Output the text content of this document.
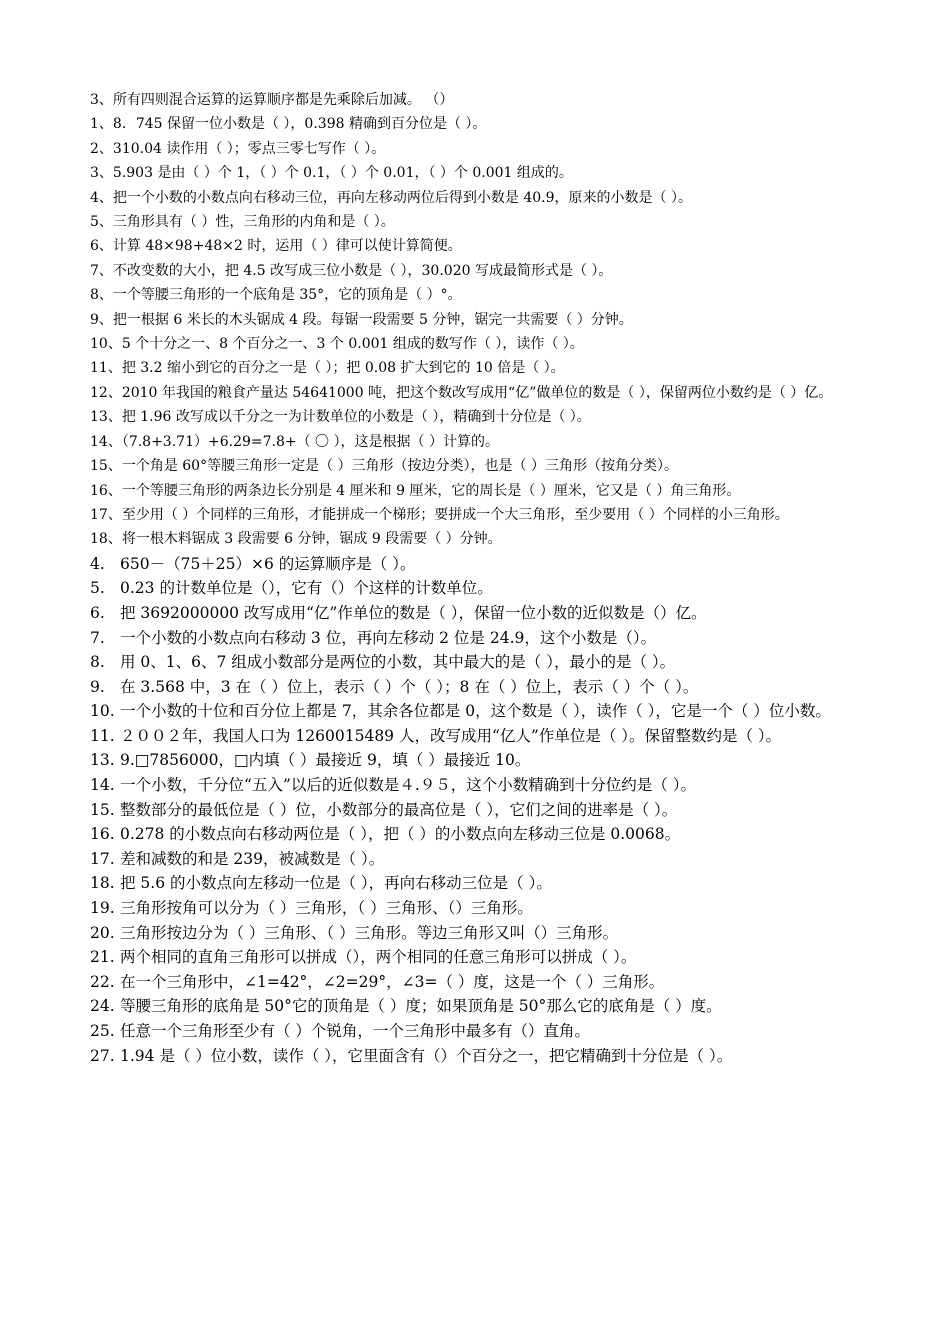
3、所有四则混合运算的运算顺序都是先乘除后加减。 （）
1、8．745 保留一位小数是（ ），0.398 精确到百分位是（ ）。
2、310.04 读作用（ ）；零点三零七写作（ ）。
3、5.903 是由（ ）个 1，（ ）个 0.1，（ ）个 0.01，（ ）个 0.001 组成的。
4、把一个小数的小数点向右移动三位，再向左移动两位后得到小数是 40.9，原来的小数是（ ）。
5、三角形具有（ ）性，三角形的内角和是（ ）。
6、计算 48×98+48×2 时，运用（ ）律可以使计算简便。
7、不改变数的大小，把 4.5 改写成三位小数是（ ），30.020 写成最简形式是（ ）。
8、一个等腰三角形的一个底角是 35°，它的顶角是（ ）°。
9、把一根据 6 米长的木头锯成 4 段。每锯一段需要 5 分钟，锯完一共需要（ ）分钟。
10、5 个十分之一、8 个百分之一、3 个 0.001 组成的数写作（ ），读作（ ）。
11、把 3.2 缩小到它的百分之一是（ ）；把 0.08 扩大到它的 10 倍是（ ）。
12、2010 年我国的粮食产量达 54641000 吨，把这个数改写成用“亿”做单位的数是（ ），保留两位小数约是（ ）亿。
13、把 1.96 改写成以千分之一为计数单位的小数是（ ），精确到十分位是（ ）。
14、（7.8+3.71）+6.29=7.8+（ 〇 ），这是根据（ ）计算的。
15、一个角是 60°等腰三角形一定是（ ）三角形（按边分类），也是（ ）三角形（按角分类）。
16、一个等腰三角形的两条边长分别是 4 厘米和 9 厘米，它的周长是（ ）厘米，它又是（ ）角三角形。
17、至少用（ ）个同样的三角形，才能拼成一个梯形；要拼成一个大三角形，至少要用（ ）个同样的小三角形。
18、将一根木料锯成 3 段需要 6 分钟，锯成 9 段需要（ ）分钟。
4. 650－（75＋25）×6 的运算顺序是（ ）。
5. 0.23 的计数单位是（），它有（）个这样的计数单位。
6. 把 3692000000 改写成用“亿”作单位的数是（ ），保留一位小数的近似数是（）亿。
7. 一个小数的小数点向右移动 3 位，再向左移动 2 位是 24.9，这个小数是（）。
8. 用 0、1、6、7 组成小数部分是两位的小数，其中最大的是（ ），最小的是（ ）。
9. 在 3.568 中，3 在（ ）位上，表示（ ）个（ ）；8 在（ ）位上，表示（ ）个（ ）。
10. 一个小数的十位和百分位上都是 7，其余各位都是 0，这个数是（ ），读作（ ），它是一个（ ）位小数。
11. ２００２年，我国人口为 1260015489 人，改写成用“亿人”作单位是（ ）。保留整数约是（ ）。
13. 9.□7856000，□内填（ ）最接近 9，填（ ）最接近 10。
14. 一个小数，千分位“五入”以后的近似数是４.９５，这个小数精确到十分位约是（ ）。
15. 整数部分的最低位是（ ）位，小数部分的最高位是（ ），它们之间的进率是（ ）。
16. 0.278 的小数点向右移动两位是（ ），把（ ）的小数点向左移动三位是 0.0068。
17. 差和减数的和是 239，被减数是（ ）。
18. 把 5.6 的小数点向左移动一位是（ ），再向右移动三位是（ ）。
19. 三角形按角可以分为（ ）三角形，（ ）三角形、（）三角形。
20. 三角形按边分为（ ）三角形、（ ）三角形。等边三角形又叫（）三角形。
21. 两个相同的直角三角形可以拼成（），两个相同的任意三角形可以拼成（ ）。
22. 在一个三角形中，∠1=42°，∠2=29°，∠3=（ ）度，这是一个（ ）三角形。
24. 等腰三角形的底角是 50°它的顶角是（ ）度；如果顶角是 50°那么它的底角是（ ）度。
25. 任意一个三角形至少有（ ）个锐角，一个三角形中最多有（）直角。
27. 1.94 是（ ）位小数，读作（ ），它里面含有（）个百分之一，把它精确到十分位是（ ）。
